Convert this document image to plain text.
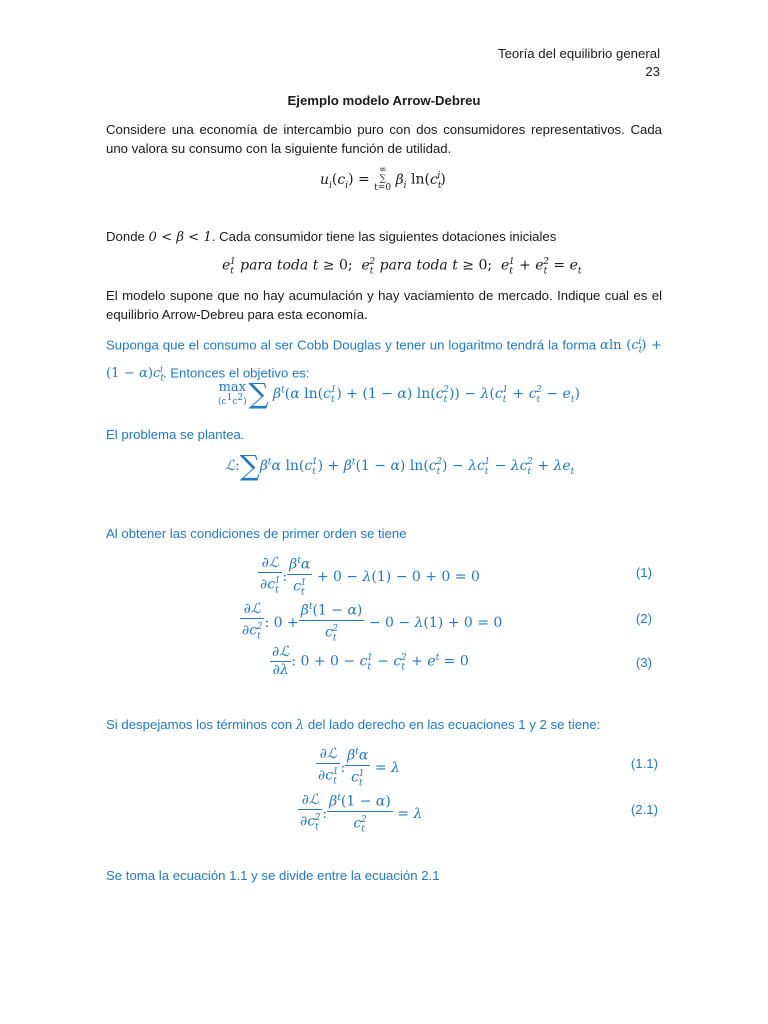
Teoría del equilibrio general
23
Ejemplo modelo Arrow-Debreu
Considere una economía de intercambio puro con dos consumidores representativos. Cada uno valora su consumo con la siguiente función de utilidad.
$u_i(c_i)$ =
∞
∑
t=0
$\beta_i$ $\ln(c_t^i)$
Donde 0 < β < 1. Cada consumidor tiene las siguientes dotaciones iniciales
$e_t^1$ para toda t ≥ 0;  $e_t^2$ para toda t ≥ 0;  $e_t^1 + e_t^2 = e_t$
El modelo supone que no hay acumulación y hay vaciamiento de mercado. Indique cual es el equilibrio Arrow-Debreu para esta economía.
Suponga que el consumo al ser Cobb Douglas y tener un logaritmo tendrá la forma αln $(c_t^i) + (1 - \alpha)c_t^i$. Entonces el objetivo es:
max
$(c^1c^2)$ ∑ $\beta^t(\alpha$ $\ln(c_t^1) + (1 - \alpha) \ln(c_t^2)) - \lambda(c_t^1 + c_t^2 - e_t)$
El problema se plantea.
$ℒ:\sum\beta^t\alpha$ $\ln(c_t^1) + \beta^t(1 - \alpha) \ln(c_t^2) - \lambda c_t^1 - \lambda c_t^2 + \lambda e_t$
Al obtener las condiciones de primer orden se tiene
$\frac{\text{∂ℒ}}{\partial c_t^1}$ : $\frac{\beta^t\alpha}{c_t^1} + 0 - \lambda(1) - 0 + 0 = 0$	(1)
$\frac{\text{∂ℒ}}{\partial c_t^2}$ : $0 + \frac{\beta^t(1 - \alpha)}{c_t^2} - 0 - \lambda(1) + 0 = 0$	(2)
$\frac{\text{∂ℒ}}{\partial\lambda}$ : $0 + 0 - c_t^1 - c_t^2 + e^t = 0$	(3)
Si despejamos los términos con λ del lado derecho en las ecuaciones 1 y 2 se tiene:
$\frac{\text{∂ℒ}}{\partial c_t^1}$ : $\frac{\beta^t\alpha}{c_t^1} = \lambda$	(1.1)
$\frac{\text{∂ℒ}}{\partial c_t^2}$ : $\frac{\beta^t(1 - \alpha)}{c_t^2} = \lambda$	(2.1)
Se toma la ecuación 1.1 y se divide entre la ecuación 2.1
